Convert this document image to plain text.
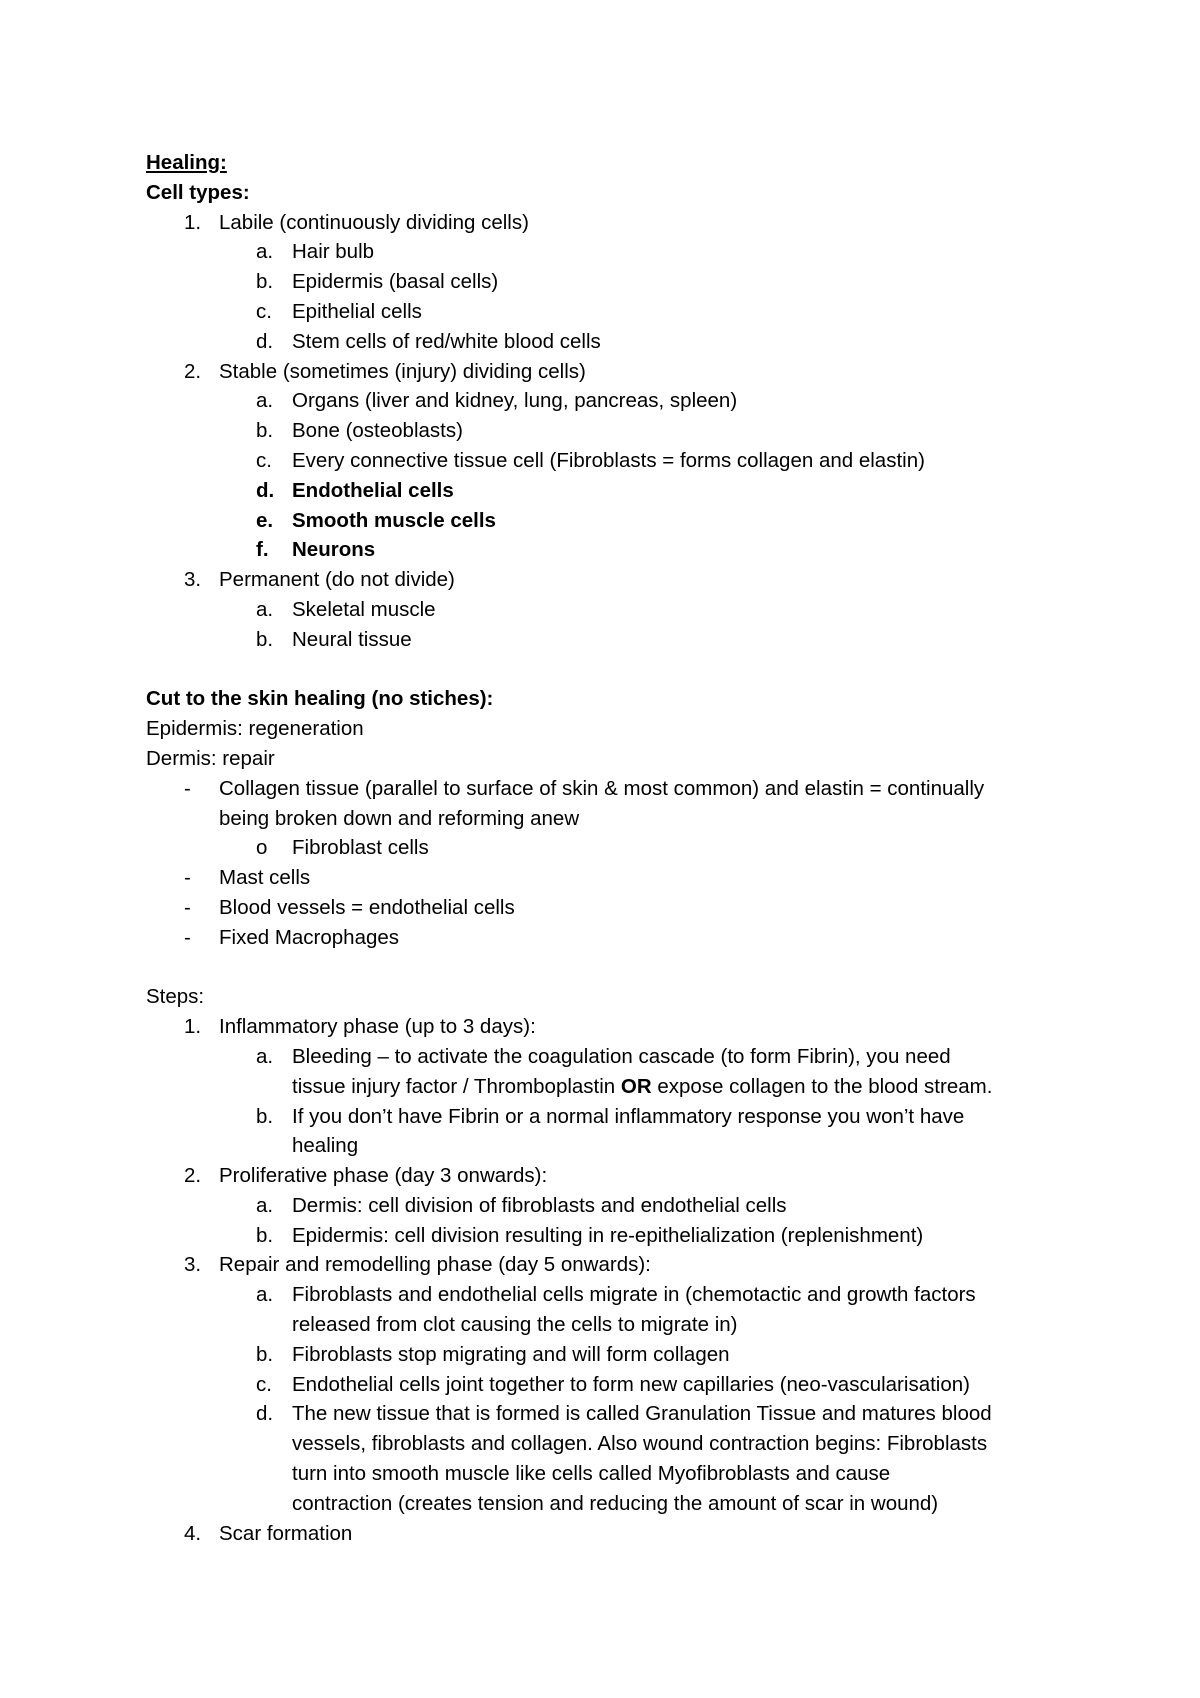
Healing:
Cell types:
1. Labile (continuously dividing cells)
a. Hair bulb
b. Epidermis (basal cells)
c. Epithelial cells
d. Stem cells of red/white blood cells
2. Stable (sometimes (injury) dividing cells)
a. Organs (liver and kidney, lung, pancreas, spleen)
b. Bone (osteoblasts)
c. Every connective tissue cell (Fibroblasts = forms collagen and elastin)
d. Endothelial cells
e. Smooth muscle cells
f. Neurons
3. Permanent (do not divide)
a. Skeletal muscle
b. Neural tissue
Cut to the skin healing (no stiches):
Epidermis: regeneration
Dermis: repair
- Collagen tissue (parallel to surface of skin & most common) and elastin = continually
being broken down and reforming anew
o Fibroblast cells
- Mast cells
- Blood vessels = endothelial cells
- Fixed Macrophages
Steps:
1. Inflammatory phase (up to 3 days):
a. Bleeding – to activate the coagulation cascade (to form Fibrin), you need
tissue injury factor / Thromboplastin OR expose collagen to the blood stream.
b. If you don’t have Fibrin or a normal inflammatory response you won’t have
healing
2. Proliferative phase (day 3 onwards):
a. Dermis: cell division of fibroblasts and endothelial cells
b. Epidermis: cell division resulting in re-epithelialization (replenishment)
3. Repair and remodelling phase (day 5 onwards):
a. Fibroblasts and endothelial cells migrate in (chemotactic and growth factors
released from clot causing the cells to migrate in)
b. Fibroblasts stop migrating and will form collagen
c. Endothelial cells joint together to form new capillaries (neo-vascularisation)
d. The new tissue that is formed is called Granulation Tissue and matures blood
vessels, fibroblasts and collagen. Also wound contraction begins: Fibroblasts
turn into smooth muscle like cells called Myofibroblasts and cause
contraction (creates tension and reducing the amount of scar in wound)
4. Scar formation
